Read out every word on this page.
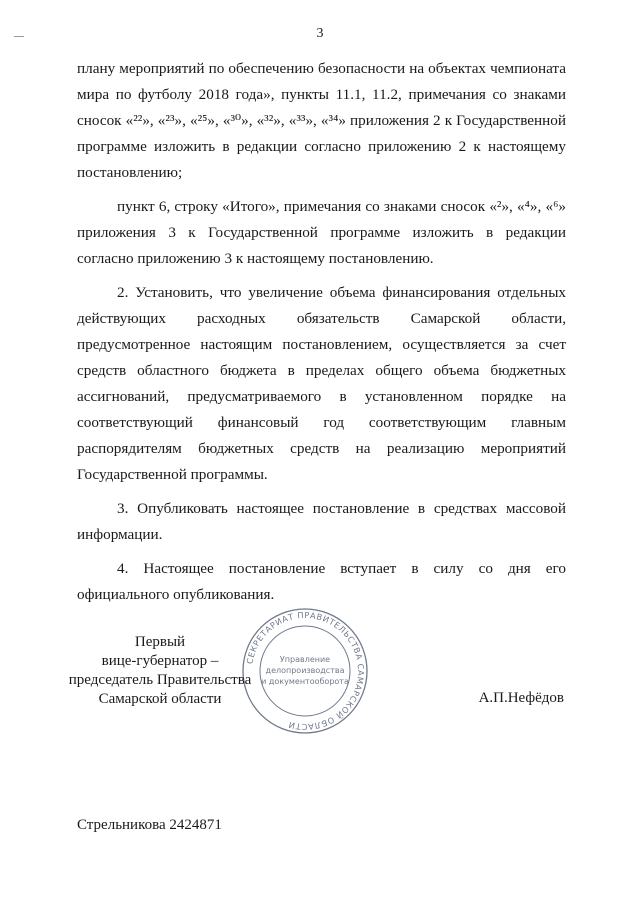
3

плану мероприятий по обеспечению безопасности на объектах чемпионата мира по футболу 2018 года», пункты 11.1, 11.2, примечания со знаками сносок «²²», «²³», «²⁵», «³⁰», «³²», «³³», «³⁴» приложения 2 к Государственной программе изложить в редакции согласно приложению 2 к настоящему постановлению;

пункт 6, строку «Итого», примечания со знаками сносок «²», «⁴», «⁶» приложения 3 к Государственной программе изложить в редакции согласно приложению 3 к настоящему постановлению.

2. Установить, что увеличение объема финансирования отдельных действующих расходных обязательств Самарской области, предусмотренное настоящим постановлением, осуществляется за счет средств областного бюджета в пределах общего объема бюджетных ассигнований, предусматриваемого в установленном порядке на соответствующий финансовый год соответствующим главным распорядителям бюджетных средств на реализацию мероприятий Государственной программы.

3. Опубликовать настоящее постановление в средствах массовой информации.

4. Настоящее постановление вступает в силу со дня его официального опубликования.

СЕКРЕТАРИАТ ПРАВИТЕЛЬСТВА САМАРСКОЙ ОБЛАСТИ
Управление
делопроизводства
и документооборота
Первый
вице-губернатор –
председатель Правительства
Самарской области	А.П.Нефёдов
Стрельникова 2424871
